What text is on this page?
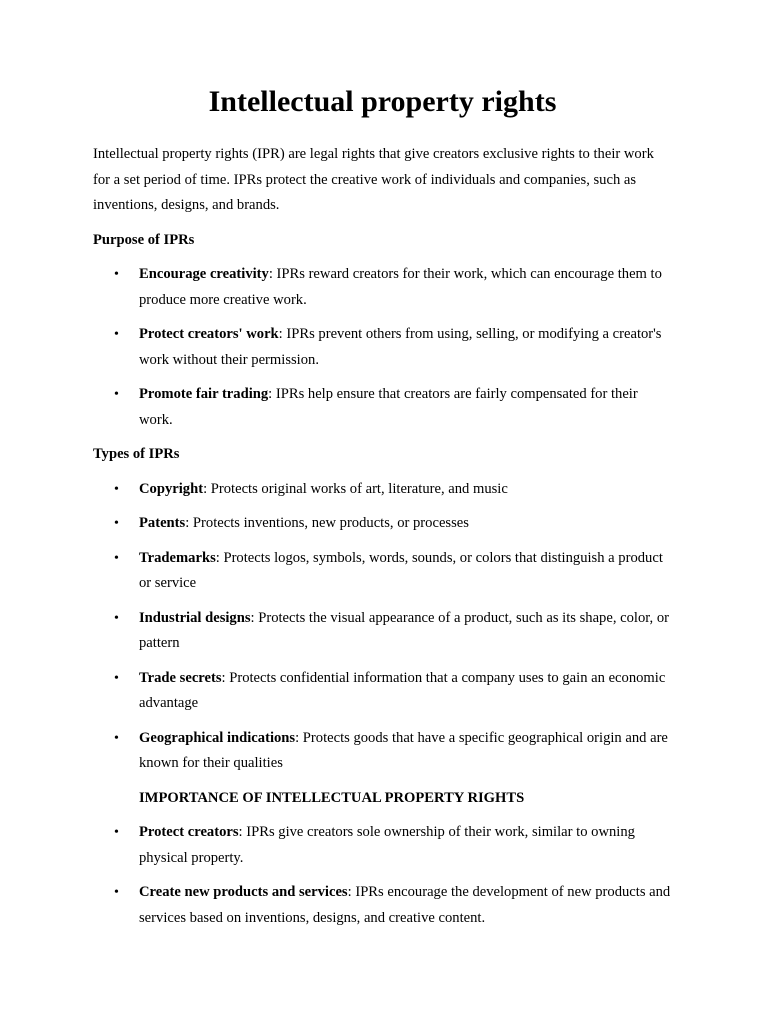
Intellectual property rights

Intellectual property rights (IPR) are legal rights that give creators exclusive rights to their work for a set period of time. IPRs protect the creative work of individuals and companies, such as inventions, designs, and brands.

Purpose of IPRs

• Encourage creativity: IPRs reward creators for their work, which can encourage them to produce more creative work.
• Protect creators' work: IPRs prevent others from using, selling, or modifying a creator's work without their permission.
• Promote fair trading: IPRs help ensure that creators are fairly compensated for their work.

Types of IPRs

• Copyright: Protects original works of art, literature, and music
• Patents: Protects inventions, new products, or processes
• Trademarks: Protects logos, symbols, words, sounds, or colors that distinguish a product or service
• Industrial designs: Protects the visual appearance of a product, such as its shape, color, or pattern
• Trade secrets: Protects confidential information that a company uses to gain an economic advantage
• Geographical indications: Protects goods that have a specific geographical origin and are known for their qualities

IMPORTANCE OF INTELLECTUAL PROPERTY RIGHTS

• Protect creators: IPRs give creators sole ownership of their work, similar to owning physical property.
• Create new products and services: IPRs encourage the development of new products and services based on inventions, designs, and creative content.
